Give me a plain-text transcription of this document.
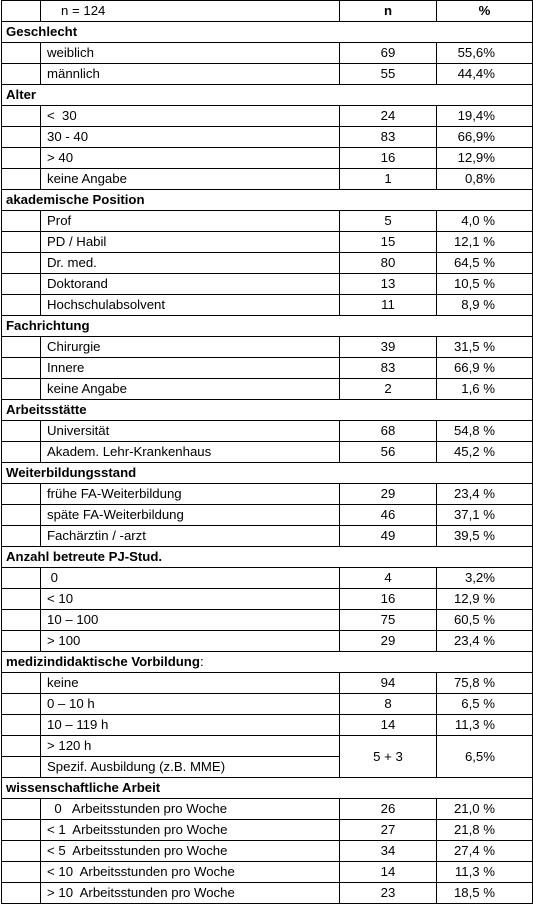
	n = 124	n	%
Geschlecht			
	weiblich	69	55,6%
	männlich	55	44,4%
Alter			
	<  30	24	19,4%
	30 - 40	83	66,9%
	> 40	16	12,9%
	keine Angabe	1	0,8%
akademische Position			
	Prof	5	4,0 %
	PD / Habil	15	12,1 %
	Dr. med.	80	64,5 %
	Doktorand	13	10,5 %
	Hochschulabsolvent	11	8,9 %
Fachrichtung			
	Chirurgie	39	31,5 %
	Innere	83	66,9 %
	keine Angabe	2	1,6 %
Arbeitsstätte			
	Universität	68	54,8 %
	Akadem. Lehr-Krankenhaus	56	45,2 %
Weiterbildungsstand			
	frühe FA-Weiterbildung	29	23,4 %
	späte FA-Weiterbildung	46	37,1 %
	Fachärztin / -arzt	49	39,5 %
Anzahl betreute PJ-Stud.			
	0	4	3,2%
	< 10	16	12,9 %
	10 – 100	75	60,5 %
	> 100	29	23,4 %
medizindidaktische Vorbildung:			
	keine	94	75,8 %
	0 – 10 h	8	6,5 %
	10 – 119 h	14	11,3 %
	> 120 h	5 + 3	6,5%
	Spezif. Ausbildung (z.B. MME)		
wissenschaftliche Arbeit			
	0   Arbeitsstunden pro Woche	26	21,0 %
	< 1  Arbeitsstunden pro Woche	27	21,8 %
	< 5  Arbeitsstunden pro Woche	34	27,4 %
	< 10  Arbeitsstunden pro Woche	14	11,3 %
	> 10  Arbeitsstunden pro Woche	23	18,5 %
